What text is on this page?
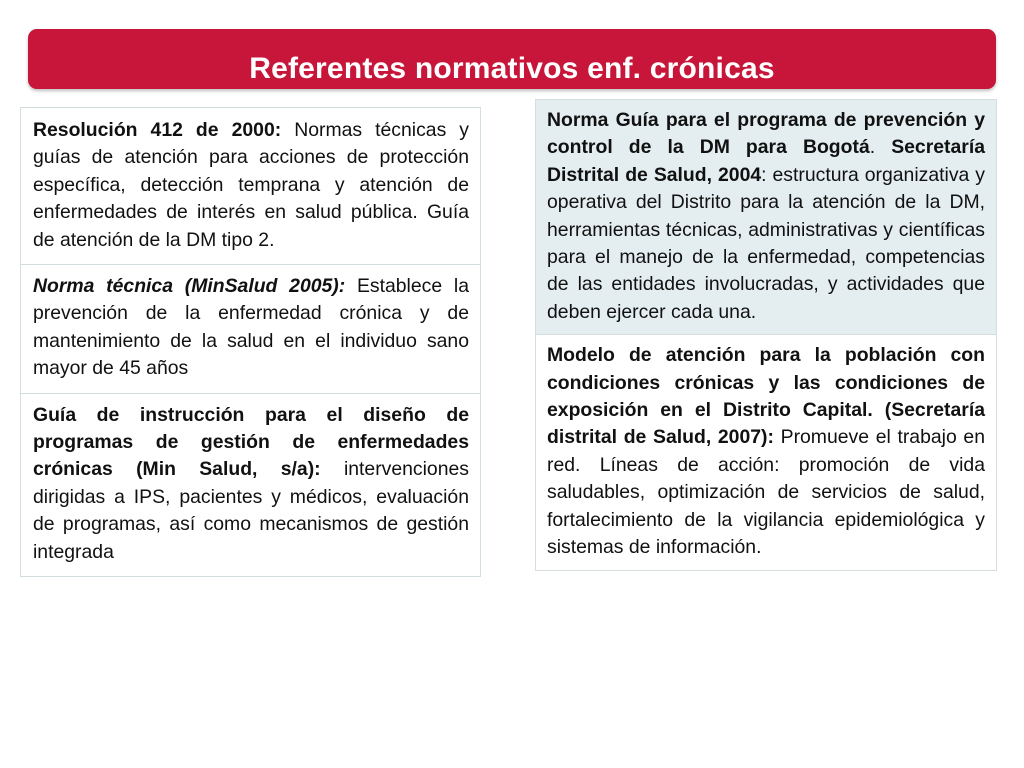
Referentes normativos enf. crónicas
Resolución 412 de 2000: Normas técnicas y guías de atención para acciones de protección específica, detección temprana y atención de enfermedades de interés en salud pública. Guía de atención de la DM tipo 2.
Norma técnica (MinSalud 2005): Establece la prevención de la enfermedad crónica y de mantenimiento de la salud en el individuo sano mayor de 45 años
Guía de instrucción para el diseño de programas de gestión de enfermedades crónicas (Min Salud, s/a): intervenciones dirigidas a IPS, pacientes y médicos, evaluación de programas, así como mecanismos de gestión integrada
Norma Guía para el programa de prevención y control de la DM para Bogotá. Secretaría Distrital de Salud, 2004: estructura organizativa y operativa del Distrito para la atención de la DM, herramientas técnicas, administrativas y científicas para el manejo de la enfermedad, competencias de las entidades involucradas, y actividades que deben ejercer cada una.
Modelo de atención para la población con condiciones crónicas y las condiciones de exposición en el Distrito Capital. (Secretaría distrital de Salud, 2007): Promueve el trabajo en red. Líneas de acción: promoción de vida saludables, optimización de servicios de salud, fortalecimiento de la vigilancia epidemiológica y sistemas de información.
